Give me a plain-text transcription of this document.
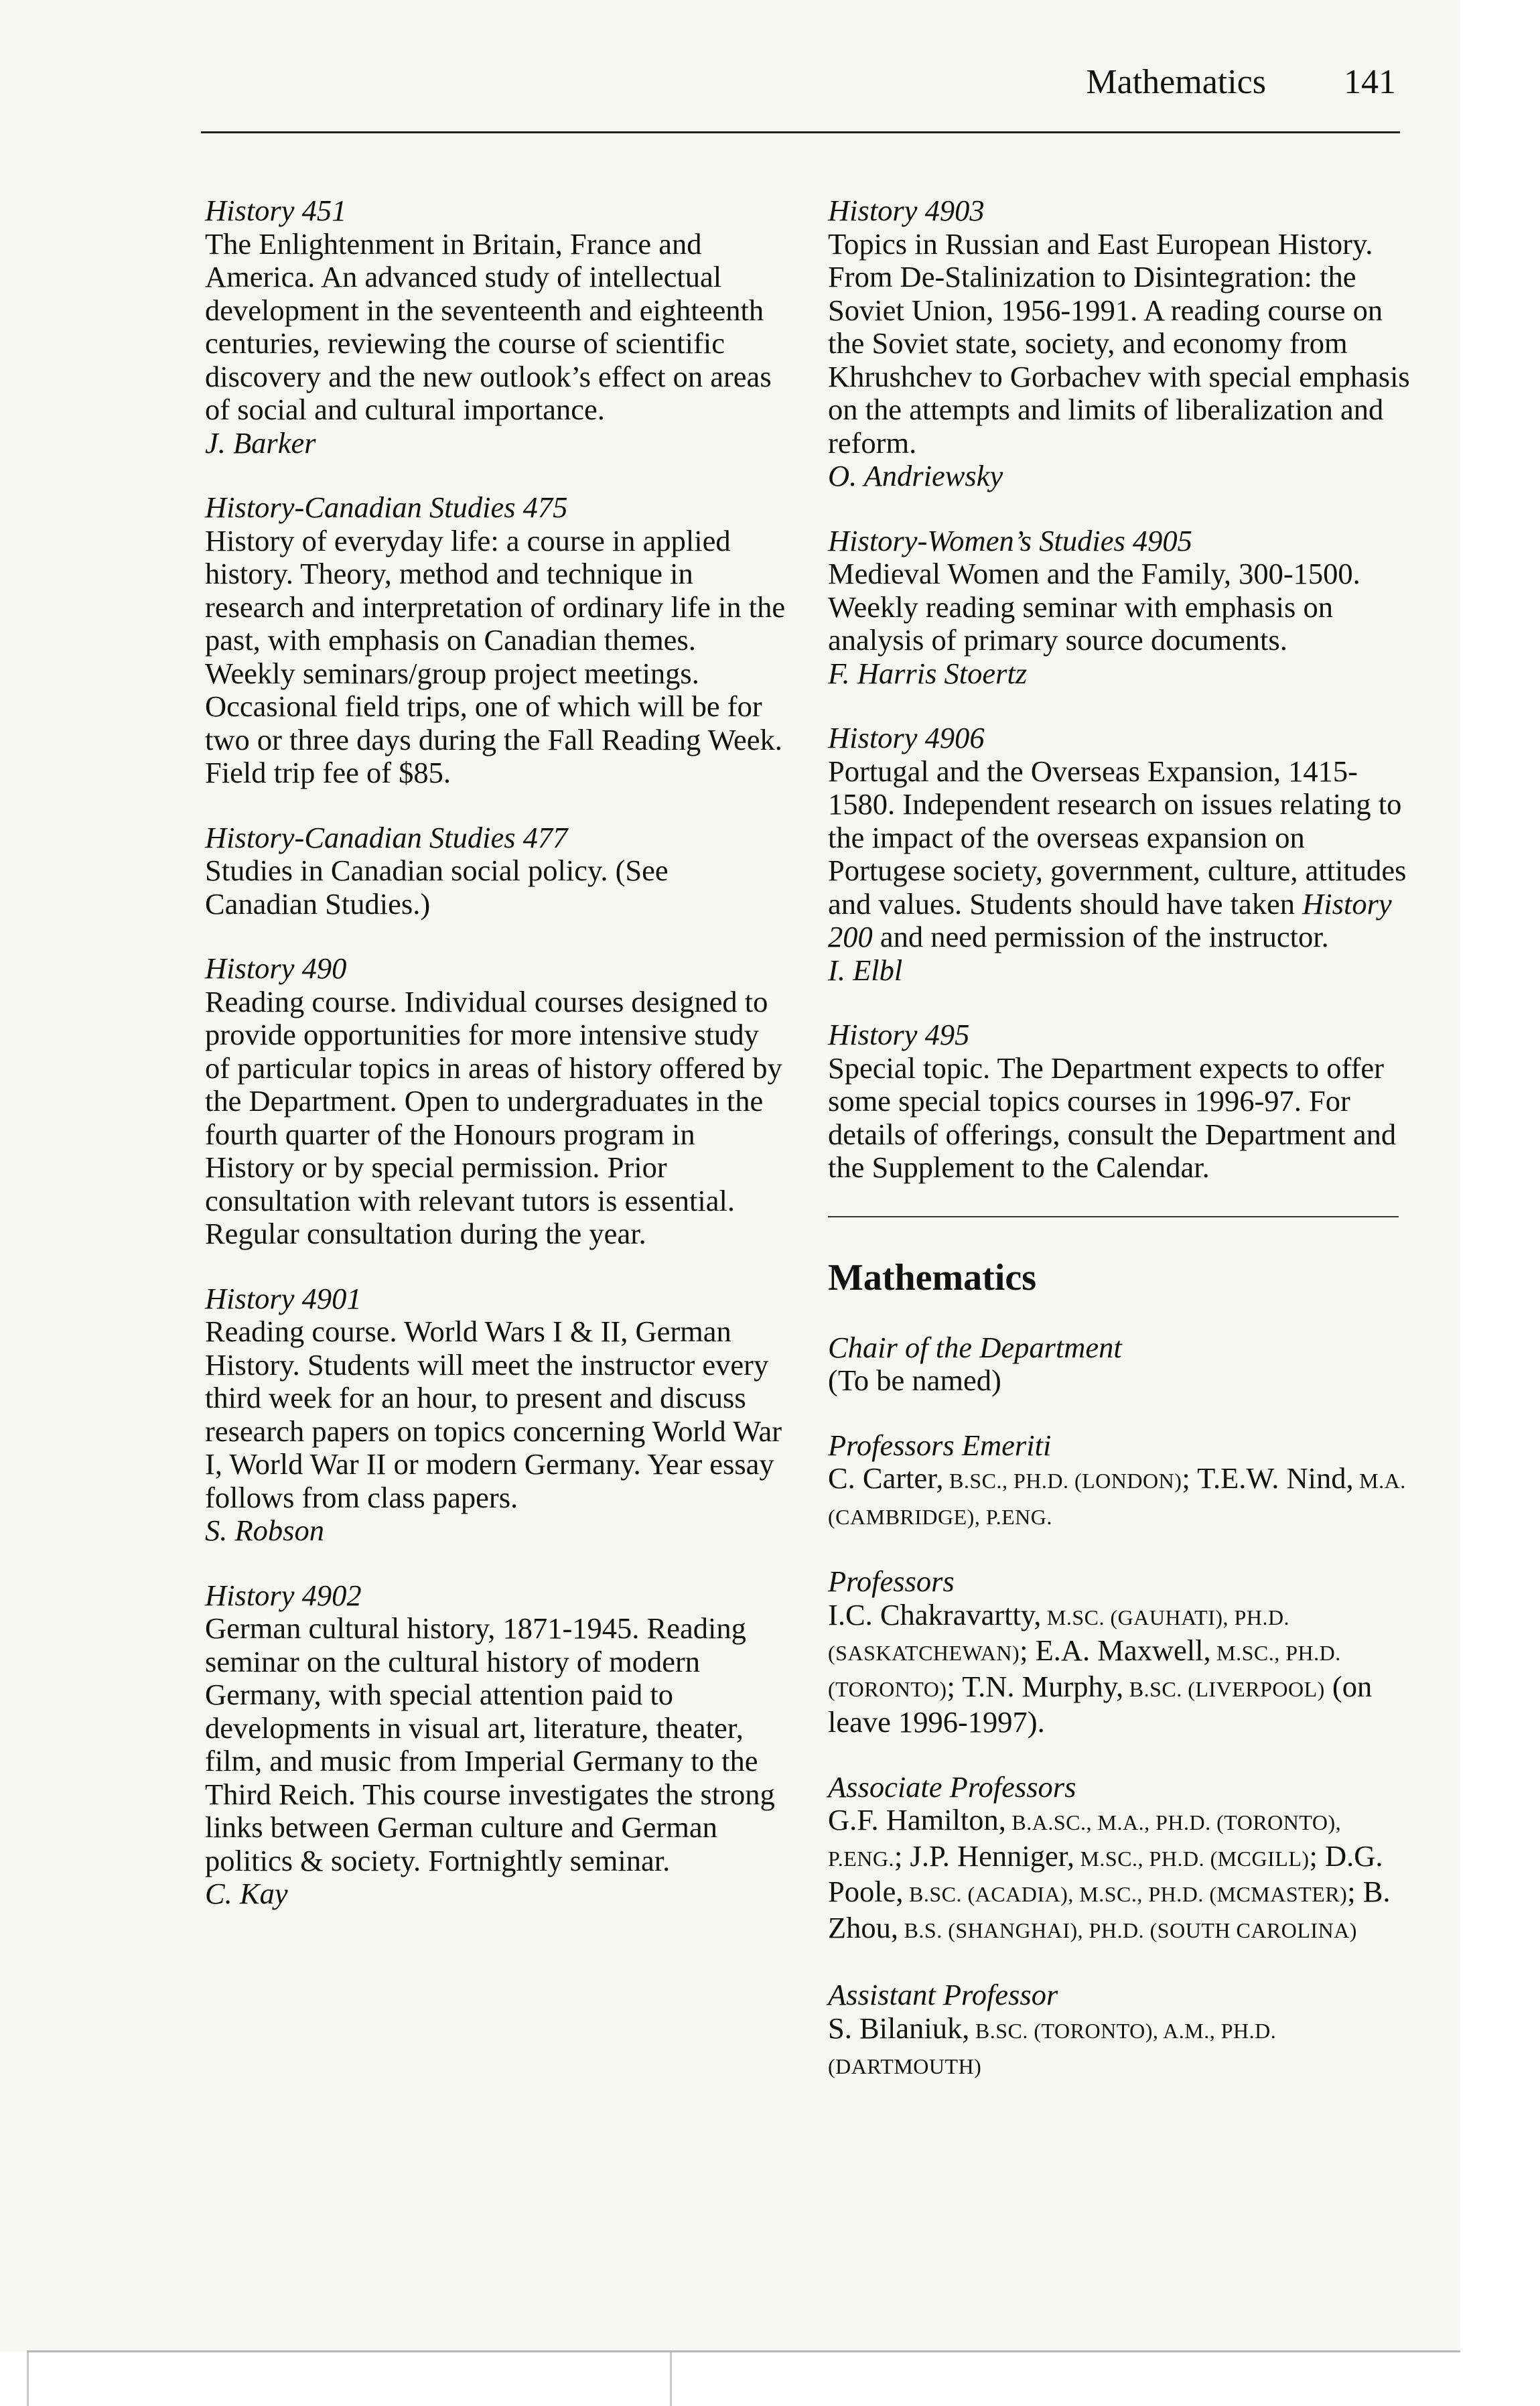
Mathematics 141

History 451

The Enlightenment in Britain, France and America. An advanced study of intellectual development in the seventeenth and eighteenth centuries, reviewing the course of scientific discovery and the new outlook’s effect on areas of social and cultural importance.

J. Barker

History-Canadian Studies 475

History of everyday life: a course in applied history. Theory, method and technique in research and interpretation of ordinary life in the past, with emphasis on Canadian themes. Weekly seminars/group project meetings. Occasional field trips, one of which will be for two or three days during the Fall Reading Week. Field trip fee of $85.

History-Canadian Studies 477

Studies in Canadian social policy. (See Canadian Studies.)

History 490

Reading course. Individual courses designed to provide opportunities for more intensive study of particular topics in areas of history offered by the Department. Open to undergraduates in the fourth quarter of the Honours program in History or by special permission. Prior consultation with relevant tutors is essential. Regular consultation during the year.

History 4901

Reading course. World Wars I & II, German History. Students will meet the instructor every third week for an hour, to present and discuss research papers on topics concerning World War I, World War II or modern Germany. Year essay follows from class papers.

S. Robson

History 4902

German cultural history, 1871-1945. Reading seminar on the cultural history of modern Germany, with special attention paid to developments in visual art, literature, theater, film, and music from Imperial Germany to the Third Reich. This course investigates the strong links between German culture and German politics & society. Fortnightly seminar.

C. Kay

History 4903

Topics in Russian and East European History. From De-Stalinization to Disintegration: the Soviet Union, 1956-1991. A reading course on the Soviet state, society, and economy from Khrushchev to Gorbachev with special emphasis on the attempts and limits of liberalization and reform.

O. Andriewsky

History-Women’s Studies 4905

Medieval Women and the Family, 300-1500. Weekly reading seminar with emphasis on analysis of primary source documents.

F. Harris Stoertz

History 4906

Portugal and the Overseas Expansion, 1415-1580. Independent research on issues relating to the impact of the overseas expansion on Portugese society, government, culture, attitudes and values. Students should have taken History 200 and need permission of the instructor.

I. Elbl

History 495

Special topic. The Department expects to offer some special topics courses in 1996-97. For details of offerings, consult the Department and the Supplement to the Calendar.

Mathematics

Chair of the Department

(To be named)

Professors Emeriti

C. Carter, B.SC., PH.D. (LONDON); T.E.W. Nind, M.A. (CAMBRIDGE), P.ENG.

Professors

I.C. Chakravartty, M.SC. (GAUHATI), PH.D. (SASKATCHEWAN); E.A. Maxwell, M.SC., PH.D. (TORONTO); T.N. Murphy, B.SC. (LIVERPOOL) (on leave 1996-1997).

Associate Professors

G.F. Hamilton, B.A.SC., M.A., PH.D. (TORONTO), P.ENG.; J.P. Henniger, M.SC., PH.D. (MCGILL); D.G. Poole, B.SC. (ACADIA), M.SC., PH.D. (MCMASTER); B. Zhou, B.S. (SHANGHAI), PH.D. (SOUTH CAROLINA)

Assistant Professor

S. Bilaniuk, B.SC. (TORONTO), A.M., PH.D. (DARTMOUTH)
